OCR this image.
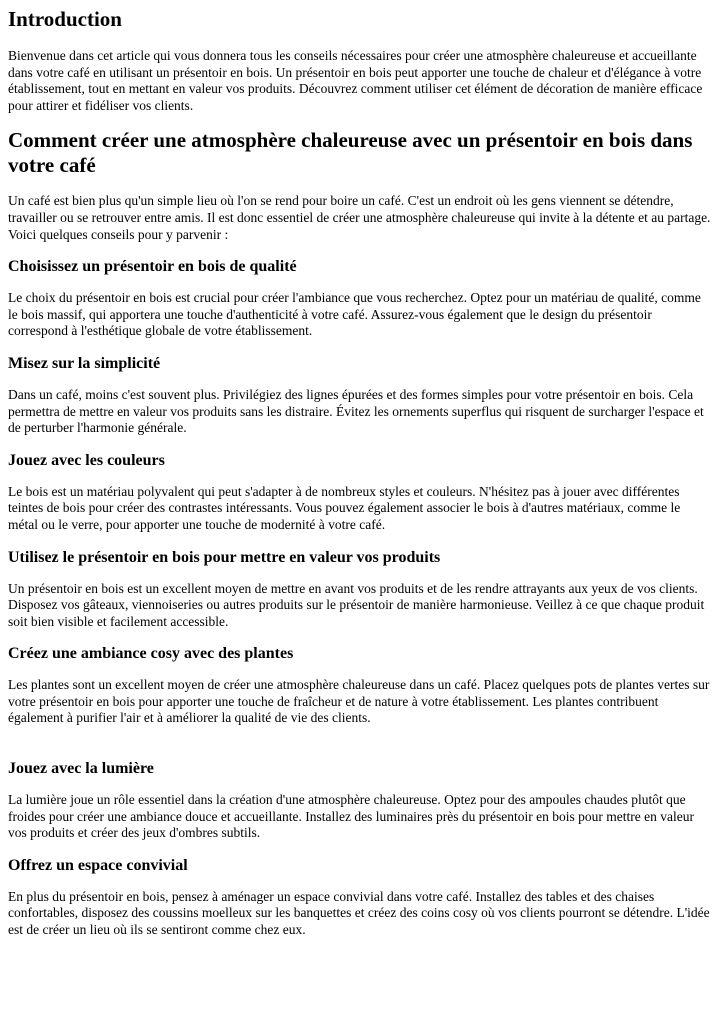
Introduction

Bienvenue dans cet article qui vous donnera tous les conseils nécessaires pour créer une atmosphère chaleureuse et accueillante dans votre café en utilisant un présentoir en bois. Un présentoir en bois peut apporter une touche de chaleur et d'élégance à votre établissement, tout en mettant en valeur vos produits. Découvrez comment utiliser cet élément de décoration de manière efficace pour attirer et fidéliser vos clients.

Comment créer une atmosphère chaleureuse avec un présentoir en bois dans votre café

Un café est bien plus qu'un simple lieu où l'on se rend pour boire un café. C'est un endroit où les gens viennent se détendre, travailler ou se retrouver entre amis. Il est donc essentiel de créer une atmosphère chaleureuse qui invite à la détente et au partage. Voici quelques conseils pour y parvenir :

Choisissez un présentoir en bois de qualité

Le choix du présentoir en bois est crucial pour créer l'ambiance que vous recherchez. Optez pour un matériau de qualité, comme le bois massif, qui apportera une touche d'authenticité à votre café. Assurez-vous également que le design du présentoir correspond à l'esthétique globale de votre établissement.

Misez sur la simplicité

Dans un café, moins c'est souvent plus. Privilégiez des lignes épurées et des formes simples pour votre présentoir en bois. Cela permettra de mettre en valeur vos produits sans les distraire. Évitez les ornements superflus qui risquent de surcharger l'espace et de perturber l'harmonie générale.

Jouez avec les couleurs

Le bois est un matériau polyvalent qui peut s'adapter à de nombreux styles et couleurs. N'hésitez pas à jouer avec différentes teintes de bois pour créer des contrastes intéressants. Vous pouvez également associer le bois à d'autres matériaux, comme le métal ou le verre, pour apporter une touche de modernité à votre café.

Utilisez le présentoir en bois pour mettre en valeur vos produits

Un présentoir en bois est un excellent moyen de mettre en avant vos produits et de les rendre attrayants aux yeux de vos clients. Disposez vos gâteaux, viennoiseries ou autres produits sur le présentoir de manière harmonieuse. Veillez à ce que chaque produit soit bien visible et facilement accessible.

Créez une ambiance cosy avec des plantes

Les plantes sont un excellent moyen de créer une atmosphère chaleureuse dans un café. Placez quelques pots de plantes vertes sur votre présentoir en bois pour apporter une touche de fraîcheur et de nature à votre établissement. Les plantes contribuent également à purifier l'air et à améliorer la qualité de vie des clients.

Jouez avec la lumière

La lumière joue un rôle essentiel dans la création d'une atmosphère chaleureuse. Optez pour des ampoules chaudes plutôt que froides pour créer une ambiance douce et accueillante. Installez des luminaires près du présentoir en bois pour mettre en valeur vos produits et créer des jeux d'ombres subtils.

Offrez un espace convivial

En plus du présentoir en bois, pensez à aménager un espace convivial dans votre café. Installez des tables et des chaises confortables, disposez des coussins moelleux sur les banquettes et créez des coins cosy où vos clients pourront se détendre. L'idée est de créer un lieu où ils se sentiront comme chez eux.
